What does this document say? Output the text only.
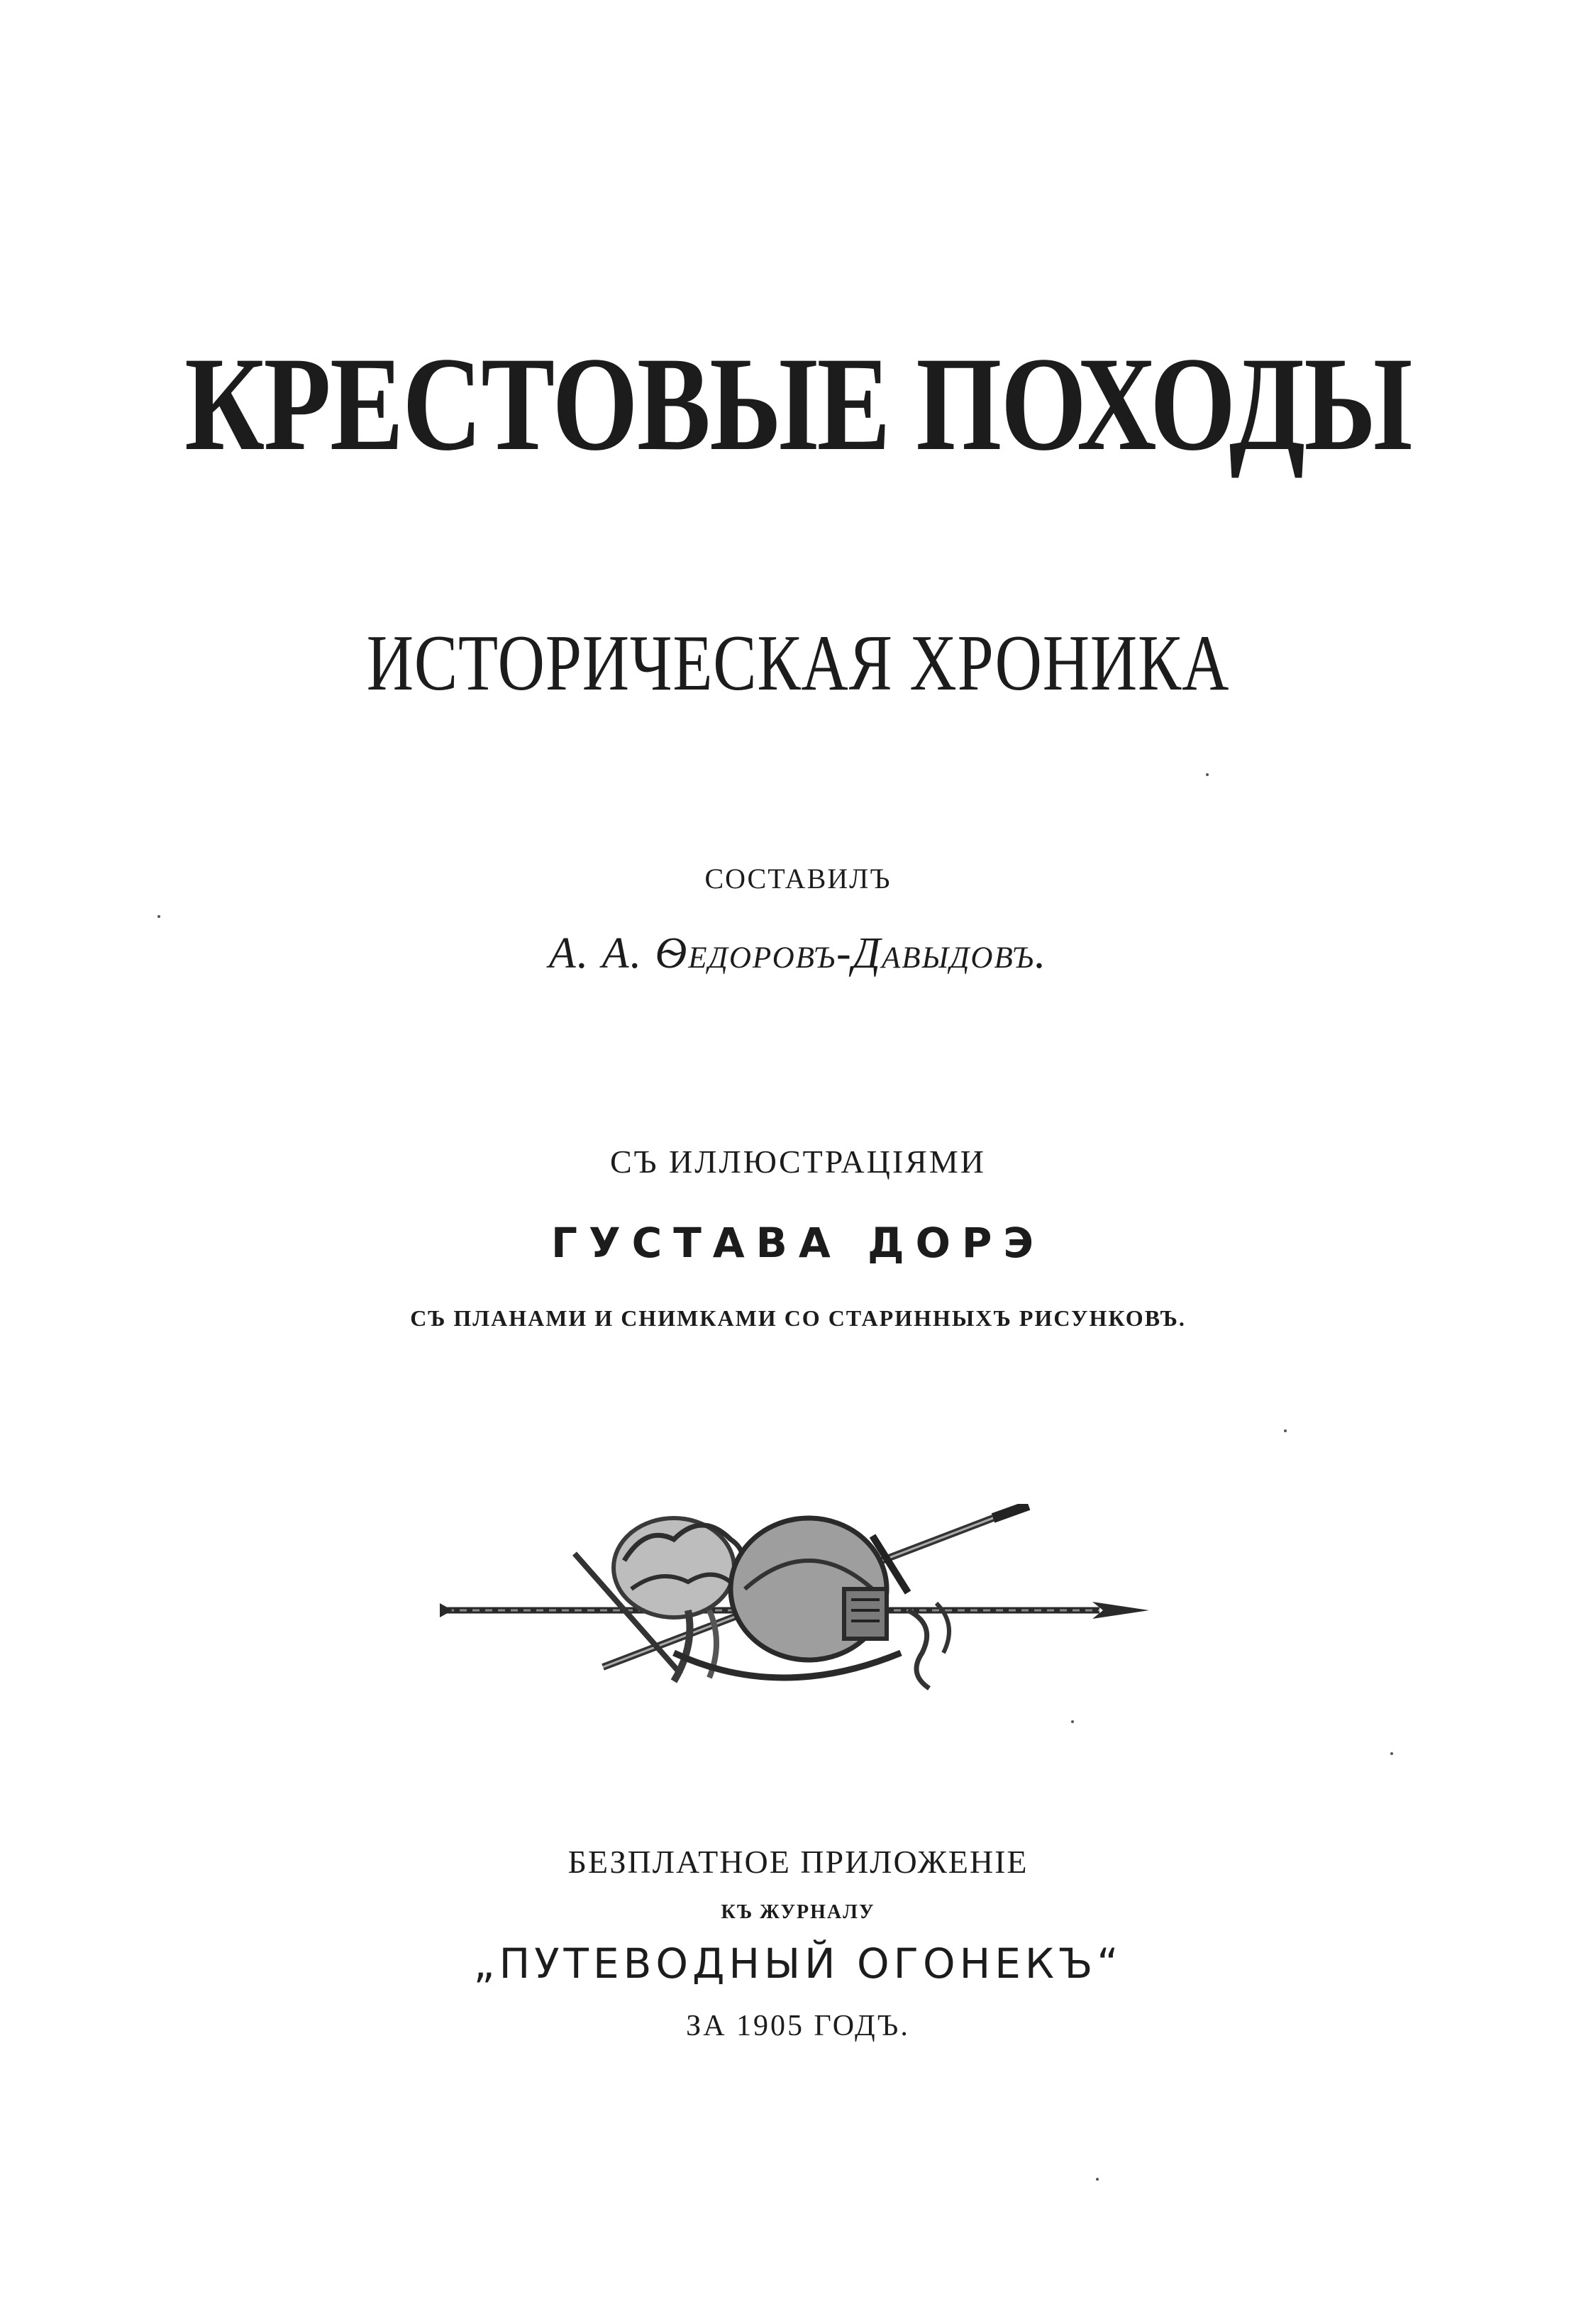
КРЕСТОВЫЕ ПОХОДЫ
ИСТОРИЧЕСКАЯ ХРОНИКА
СОСТАВИЛЪ
А. А. Ѳедоровъ-Давыдовъ.
СЪ ИЛЛЮСТРАЦІЯМИ
ГУСТАВА ДОРЭ
СЪ ПЛАНАМИ И СНИМКАМИ СО СТАРИННЫХЪ РИСУНКОВЪ.
БЕЗПЛАТНОЕ ПРИЛОЖЕНІЕ
КЪ ЖУРНАЛУ
„ПУТЕВОДНЫЙ ОГОНЕКЪ“
ЗА 1905 ГОДЪ.
